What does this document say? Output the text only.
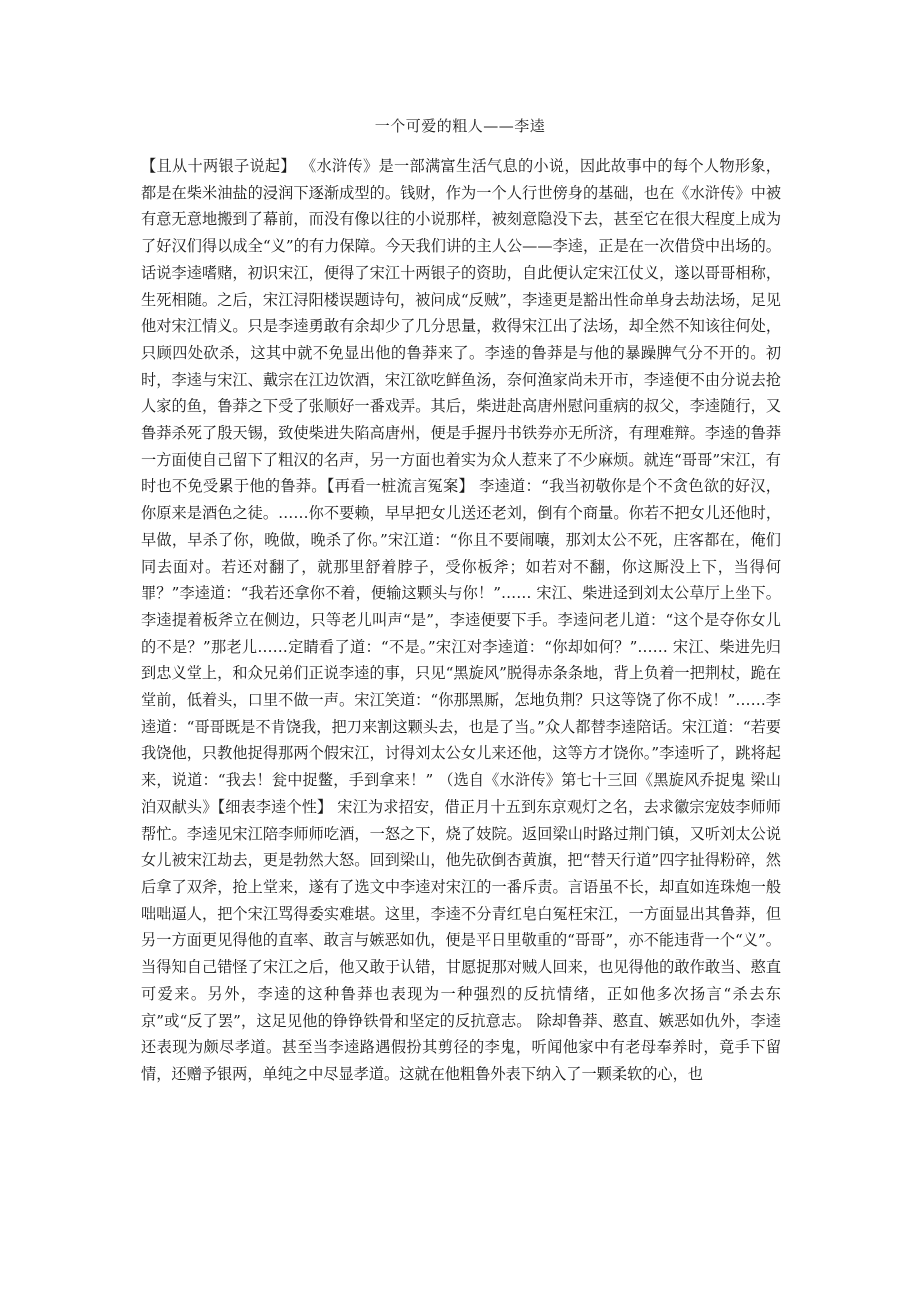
一个可爱的粗人——李逵

【且从十两银子说起】 《水浒传》是一部满富生活气息的小说，因此故事中的每个人物形象，都是在柴米油盐的浸润下逐渐成型的。钱财，作为一个人行世傍身的基础，也在《水浒传》中被有意无意地搬到了幕前，而没有像以往的小说那样，被刻意隐没下去，甚至它在很大程度上成为了好汉们得以成全“义”的有力保障。今天我们讲的主人公——李逵，正是在一次借贷中出场的。 话说李逵嗜赌，初识宋江，便得了宋江十两银子的资助，自此便认定宋江仗义，遂以哥哥相称，生死相随。之后，宋江浔阳楼误题诗句，被问成“反贼”，李逵更是豁出性命单身去劫法场，足见他对宋江情义。只是李逵勇敢有余却少了几分思量，救得宋江出了法场，却全然不知该往何处，只顾四处砍杀，这其中就不免显出他的鲁莽来了。李逵的鲁莽是与他的暴躁脾气分不开的。初时，李逵与宋江、戴宗在江边饮酒，宋江欲吃鲜鱼汤，奈何渔家尚未开市，李逵便不由分说去抢人家的鱼，鲁莽之下受了张顺好一番戏弄。其后，柴进赴高唐州慰问重病的叔父，李逵随行，又鲁莽杀死了殷天锡，致使柴进失陷高唐州，便是手握丹书铁券亦无所济，有理难辩。李逵的鲁莽一方面使自己留下了粗汉的名声，另一方面也着实为众人惹来了不少麻烦。就连“哥哥”宋江，有时也不免受累于他的鲁莽。【再看一桩流言冤案】 李逵道：“我当初敬你是个不贪色欲的好汉，你原来是酒色之徒。……你不要赖，早早把女儿送还老刘，倒有个商量。你若不把女儿还他时，早做，早杀了你，晚做，晚杀了你。”宋江道：“你且不要闹嚷，那刘太公不死，庄客都在，俺们同去面对。若还对翻了，就那里舒着脖子，受你板斧；如若对不翻，你这厮没上下，当得何罪？”李逵道：“我若还拿你不着，便输这颗头与你！”…… 宋江、柴进迳到刘太公草厅上坐下。李逵提着板斧立在侧边，只等老儿叫声“是”，李逵便要下手。李逵问老儿道：“这个是夺你女儿的不是？”那老儿……定睛看了道：“不是。”宋江对李逵道：“你却如何？”…… 宋江、柴进先归到忠义堂上，和众兄弟们正说李逵的事，只见“黑旋风”脱得赤条条地，背上负着一把荆杖，跪在堂前，低着头，口里不做一声。宋江笑道：“你那黑厮，怎地负荆？只这等饶了你不成！”……李逵道：“哥哥既是不肯饶我，把刀来割这颗头去，也是了当。”众人都替李逵陪话。宋江道：“若要我饶他，只教他捉得那两个假宋江，讨得刘太公女儿来还他，这等方才饶你。”李逵听了，跳将起来，说道：“我去！瓮中捉鳖，手到拿来！” （选自《水浒传》第七十三回《黑旋风乔捉鬼 梁山泊双献头》【细表李逵个性】 宋江为求招安，借正月十五到东京观灯之名，去求徽宗宠妓李师师帮忙。李逵见宋江陪李师师吃酒，一怒之下，烧了妓院。返回梁山时路过荆门镇，又听刘太公说女儿被宋江劫去，更是勃然大怒。回到梁山，他先砍倒杏黄旗，把“替天行道”四字扯得粉碎，然后拿了双斧，抢上堂来，遂有了选文中李逵对宋江的一番斥责。言语虽不长，却直如连珠炮一般咄咄逼人，把个宋江骂得委实难堪。这里，李逵不分青红皂白冤枉宋江，一方面显出其鲁莽，但另一方面更见得他的直率、敢言与嫉恶如仇，便是平日里敬重的“哥哥”，亦不能违背一个“义”。当得知自己错怪了宋江之后，他又敢于认错，甘愿捉那对贼人回来，也见得他的敢作敢当、憨直可爱来。另外，李逵的这种鲁莽也表现为一种强烈的反抗情绪，正如他多次扬言“杀去东京”或“反了罢”，这足见他的铮铮铁骨和坚定的反抗意志。 除却鲁莽、憨直、嫉恶如仇外，李逵还表现为颇尽孝道。甚至当李逵路遇假扮其剪径的李鬼，听闻他家中有老母奉养时，竟手下留情，还赠予银两，单纯之中尽显孝道。这就在他粗鲁外表下纳入了一颗柔软的心，也
